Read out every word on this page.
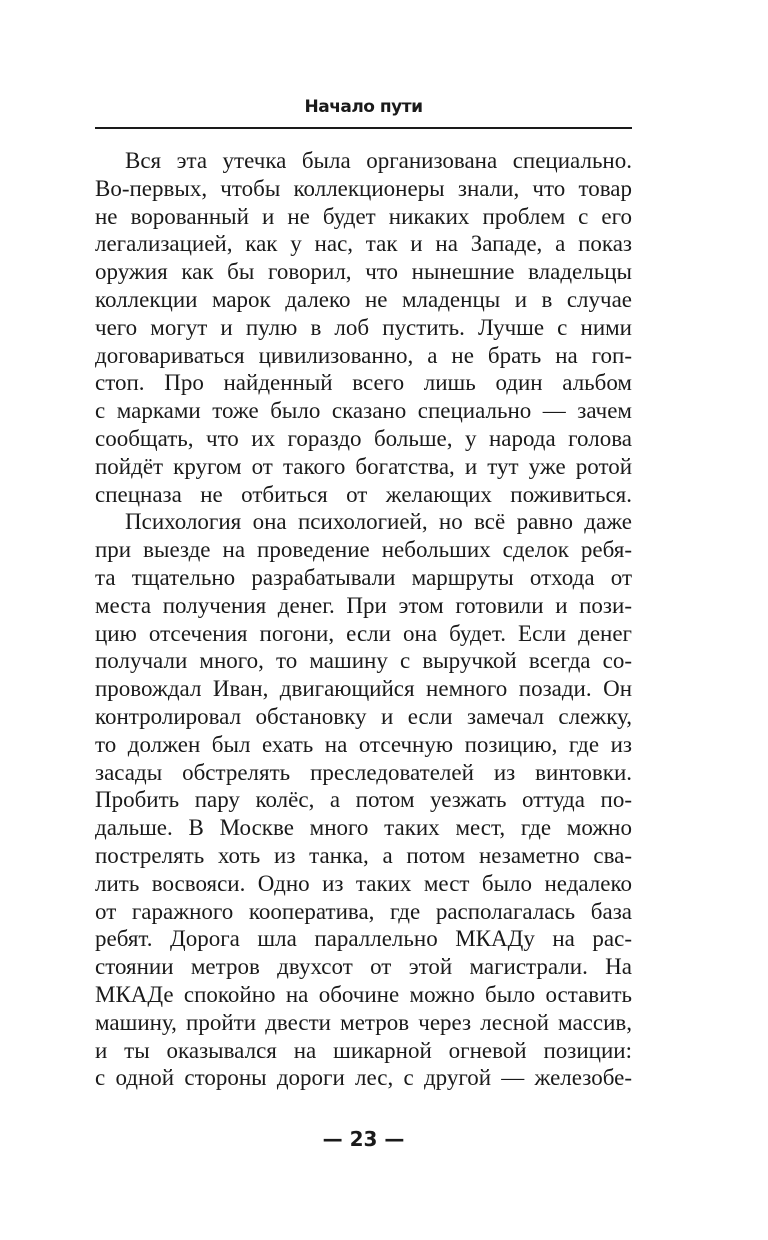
Начало пути
Вся эта утечка была организована специально.
Во-первых, чтобы коллекционеры знали, что товар
не ворованный и не будет никаких проблем с его
легализацией, как у нас, так и на Западе, а показ
оружия как бы говорил, что нынешние владельцы
коллекции марок далеко не младенцы и в случае
чего могут и пулю в лоб пустить. Лучше с ними
договариваться цивилизованно, а не брать на гоп-
стоп. Про найденный всего лишь один альбом
с марками тоже было сказано специально — зачем
сообщать, что их гораздо больше, у народа голова
пойдёт кругом от такого богатства, и тут уже ротой
спецназа не отбиться от желающих поживиться.
Психология она психологией, но всё равно даже
при выезде на проведение небольших сделок ребя-
та тщательно разрабатывали маршруты отхода от
места получения денег. При этом готовили и пози-
цию отсечения погони, если она будет. Если денег
получали много, то машину с выручкой всегда со-
провождал Иван, двигающийся немного позади. Он
контролировал обстановку и если замечал слежку,
то должен был ехать на отсечную позицию, где из
засады обстрелять преследователей из винтовки.
Пробить пару колёс, а потом уезжать оттуда по-
дальше. В Москве много таких мест, где можно
пострелять хоть из танка, а потом незаметно сва-
лить восвояси. Одно из таких мест было недалеко
от гаражного кооператива, где располагалась база
ребят. Дорога шла параллельно МКАДу на рас-
стоянии метров двухсот от этой магистрали. На
МКАДе спокойно на обочине можно было оставить
машину, пройти двести метров через лесной массив,
и ты оказывался на шикарной огневой позиции:
с одной стороны дороги лес, с другой — железобе-
— 23 —
